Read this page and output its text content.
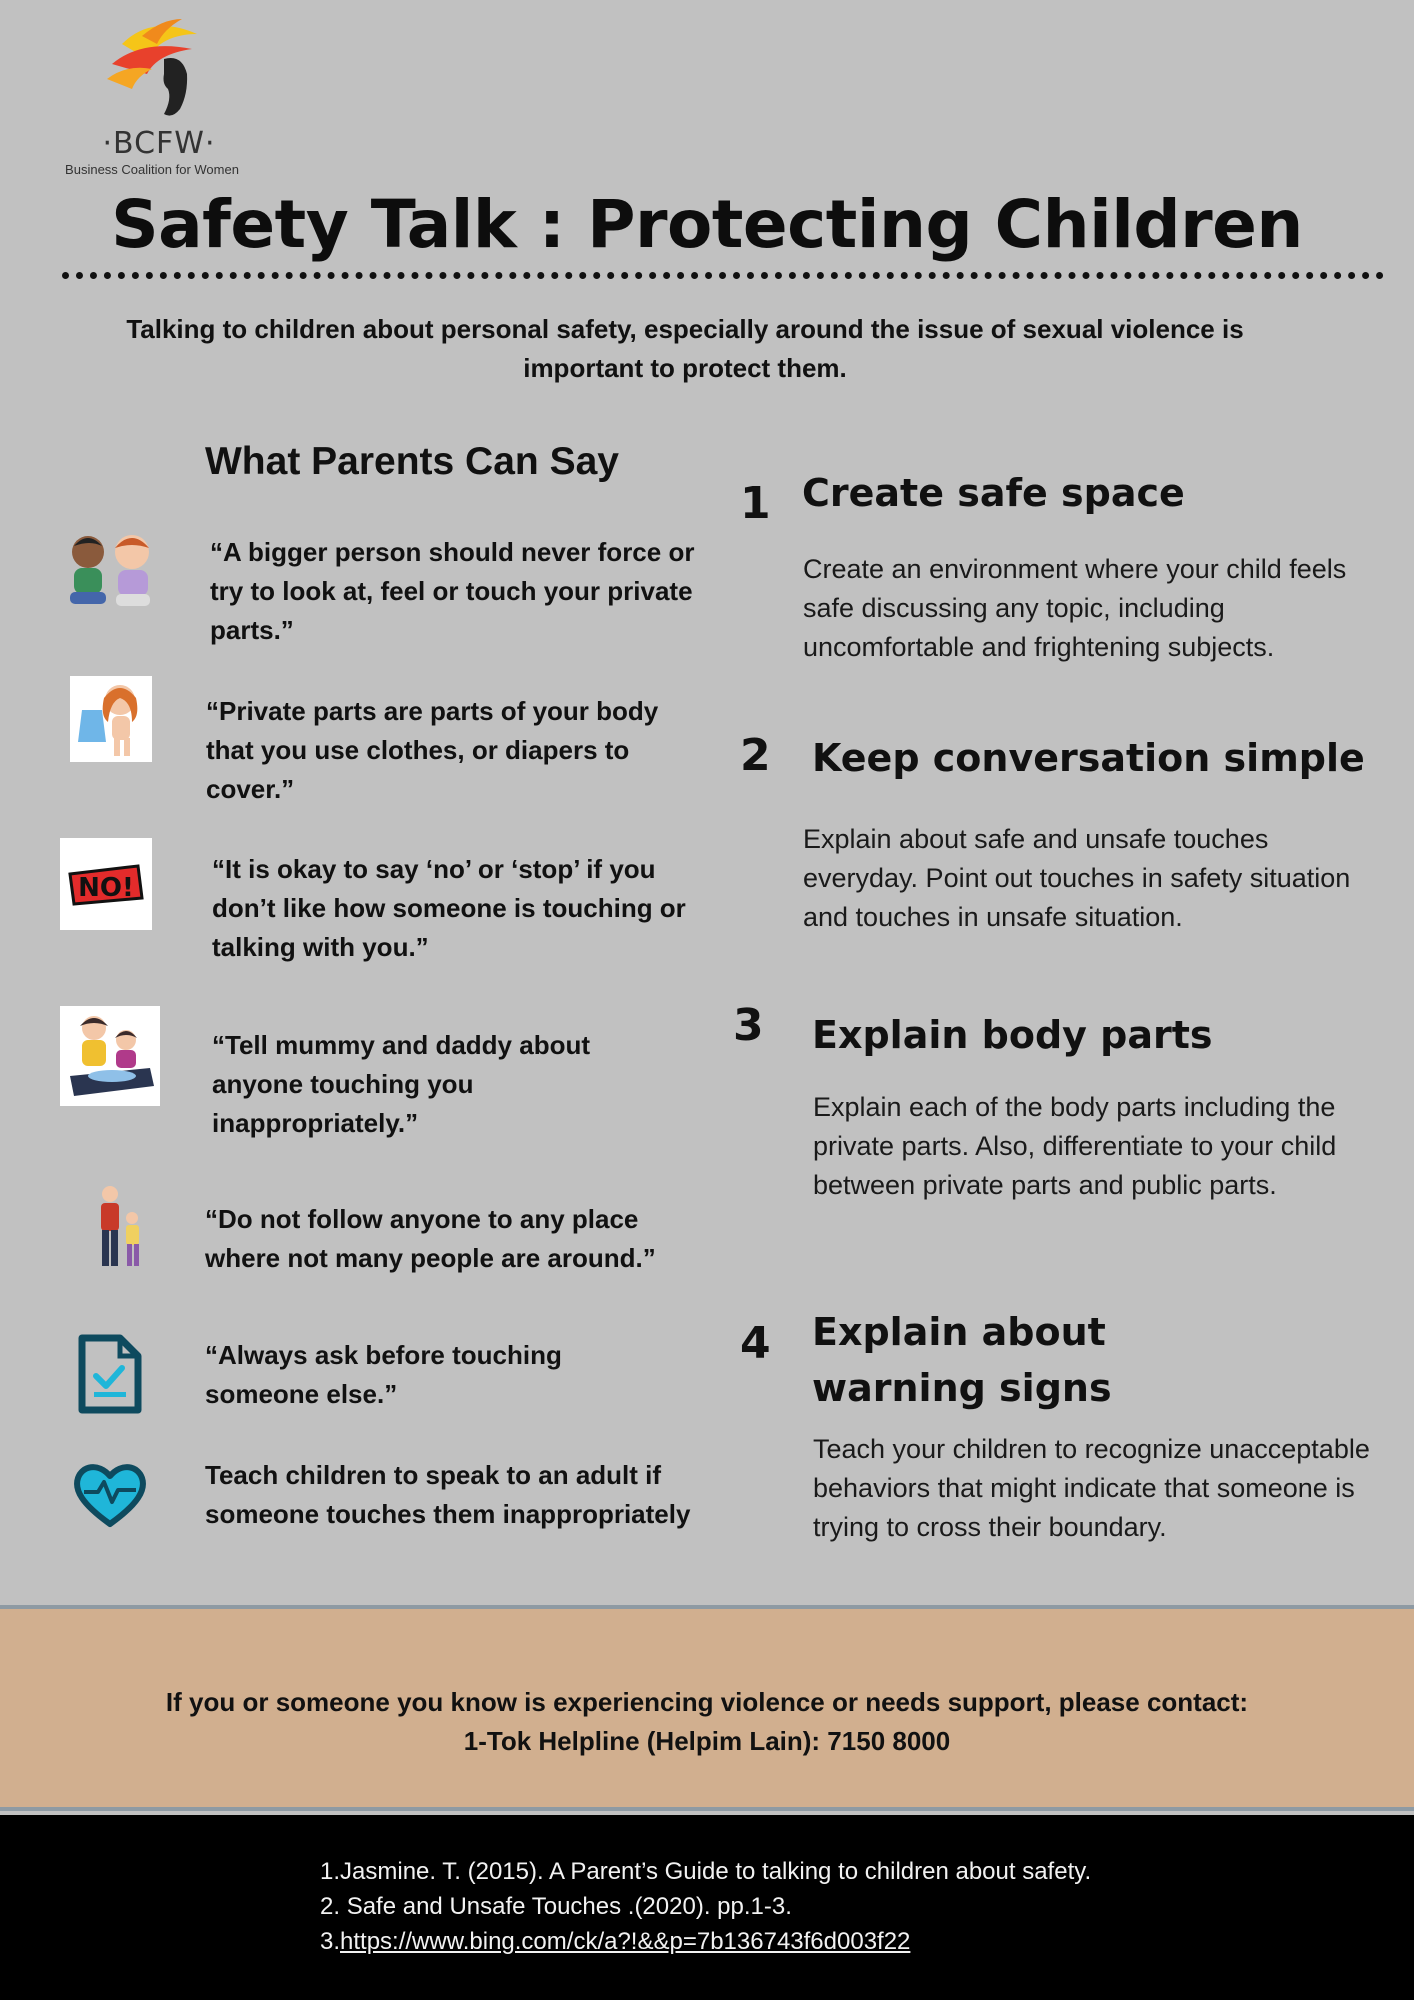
·BCFW·
Business Coalition for Women
Safety Talk : Protecting Children
Talking to children about personal safety, especially around the issue of sexual violence is important to protect them.
What Parents Can Say
“A bigger person should never force or try to look at, feel or touch your private parts.”
“Private parts are parts of your body that you use clothes, or diapers to cover.”
NO!
“It is okay to say ‘no’ or ‘stop’ if you don’t like how someone is touching or talking with you.”
“Tell mummy and daddy about anyone touching you inappropriately.”
“Do not follow anyone to any place where not many people are around.”
“Always ask before touching someone else.”
Teach children to speak to an adult if someone touches them inappropriately
1 Create safe space
Create an environment where your child feels safe discussing any topic, including uncomfortable and frightening subjects.
2 Keep conversation simple
Explain about safe and unsafe touches everyday. Point out touches in safety situation and touches in unsafe situation.
3 Explain body parts
Explain each of the body parts including the private parts. Also, differentiate to your child between private parts and public parts.
4 Explain about warning signs
Teach your children to recognize unacceptable behaviors that might indicate that someone is trying to cross their boundary.
If you or someone you know is experiencing violence or needs support, please contact:
1-Tok Helpline (Helpim Lain): 7150 8000
1.Jasmine. T. (2015). A Parent’s Guide to talking to children about safety.
2. Safe and Unsafe Touches .(2020). pp.1-3.
3.https://www.bing.com/ck/a?!&&p=7b136743f6d003f22
